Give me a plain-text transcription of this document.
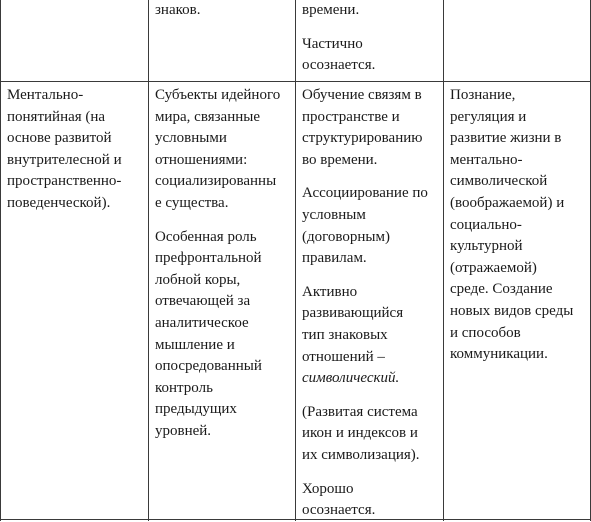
знаков.	времени.

Частично
осознается.

Ментально-
понятийная (на
основе развитой
внутрителесной и
пространственно-
поведенческой).

Субъекты идейного
мира, связанные
условными
отношениями:
социализированны
е существа.

Особенная роль
префронтальной
лобной коры,
отвечающей за
аналитическое
мышление и
опосредованный
контроль
предыдущих
уровней.

Обучение связям в
пространстве и
структурированию
во времени.

Ассоциирование по
условным
(договорным)
правилам.

Активно
развивающийся
тип знаковых
отношений –
символический.

(Развитая система
икон и индексов и
их символизация).

Хорошо
осознается.

Познание,
регуляция и
развитие жизни в
ментально-
символической
(воображаемой) и
социально-
культурной
(отражаемой)
среде. Создание
новых видов среды
и способов
коммуникации.
